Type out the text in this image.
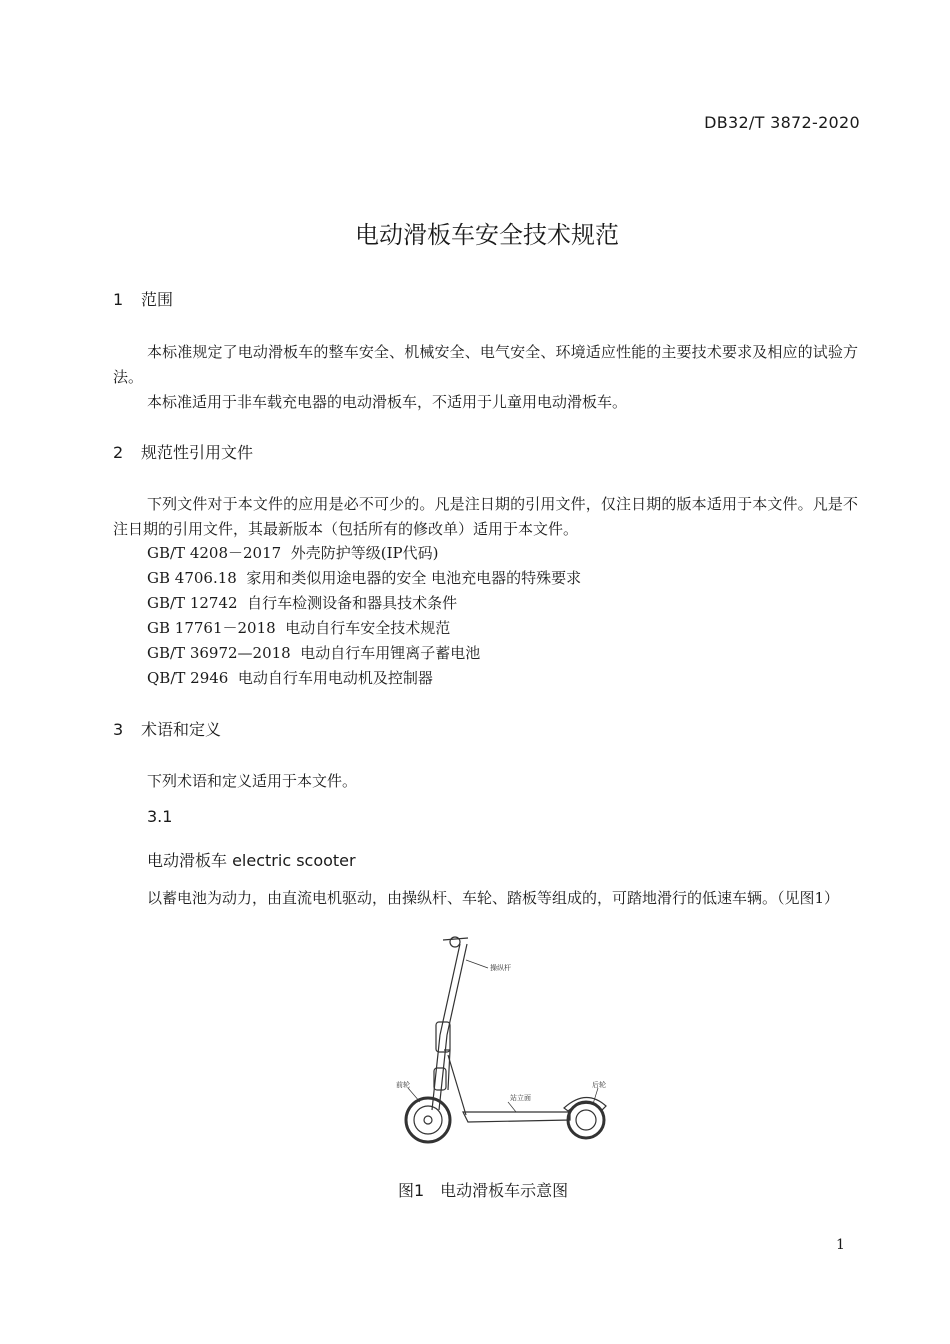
DB32/T 3872-2020
电动滑板车安全技术规范
1 范围
本标准规定了电动滑板车的整车安全、机械安全、电气安全、环境适应性能的主要技术要求及相应的试验方法。
本标准适用于非车载充电器的电动滑板车，不适用于儿童用电动滑板车。
2 规范性引用文件
下列文件对于本文件的应用是必不可少的。凡是注日期的引用文件，仅注日期的版本适用于本文件。凡是不注日期的引用文件，其最新版本（包括所有的修改单）适用于本文件。
GB/T 4208－2017  外壳防护等级(IP代码)
GB 4706.18  家用和类似用途电器的安全 电池充电器的特殊要求
GB/T 12742  自行车检测设备和器具技术条件
GB 17761－2018  电动自行车安全技术规范
GB/T 36972—2018  电动自行车用锂离子蓄电池
QB/T 2946  电动自行车用电动机及控制器
3 术语和定义
下列术语和定义适用于本文件。
3.1
电动滑板车 electric scooter
以蓄电池为动力，由直流电机驱动，由操纵杆、车轮、踏板等组成的，可踏地滑行的低速车辆。（见图1）
操纵杆
前轮
站立面
后轮
图1　电动滑板车示意图
1
